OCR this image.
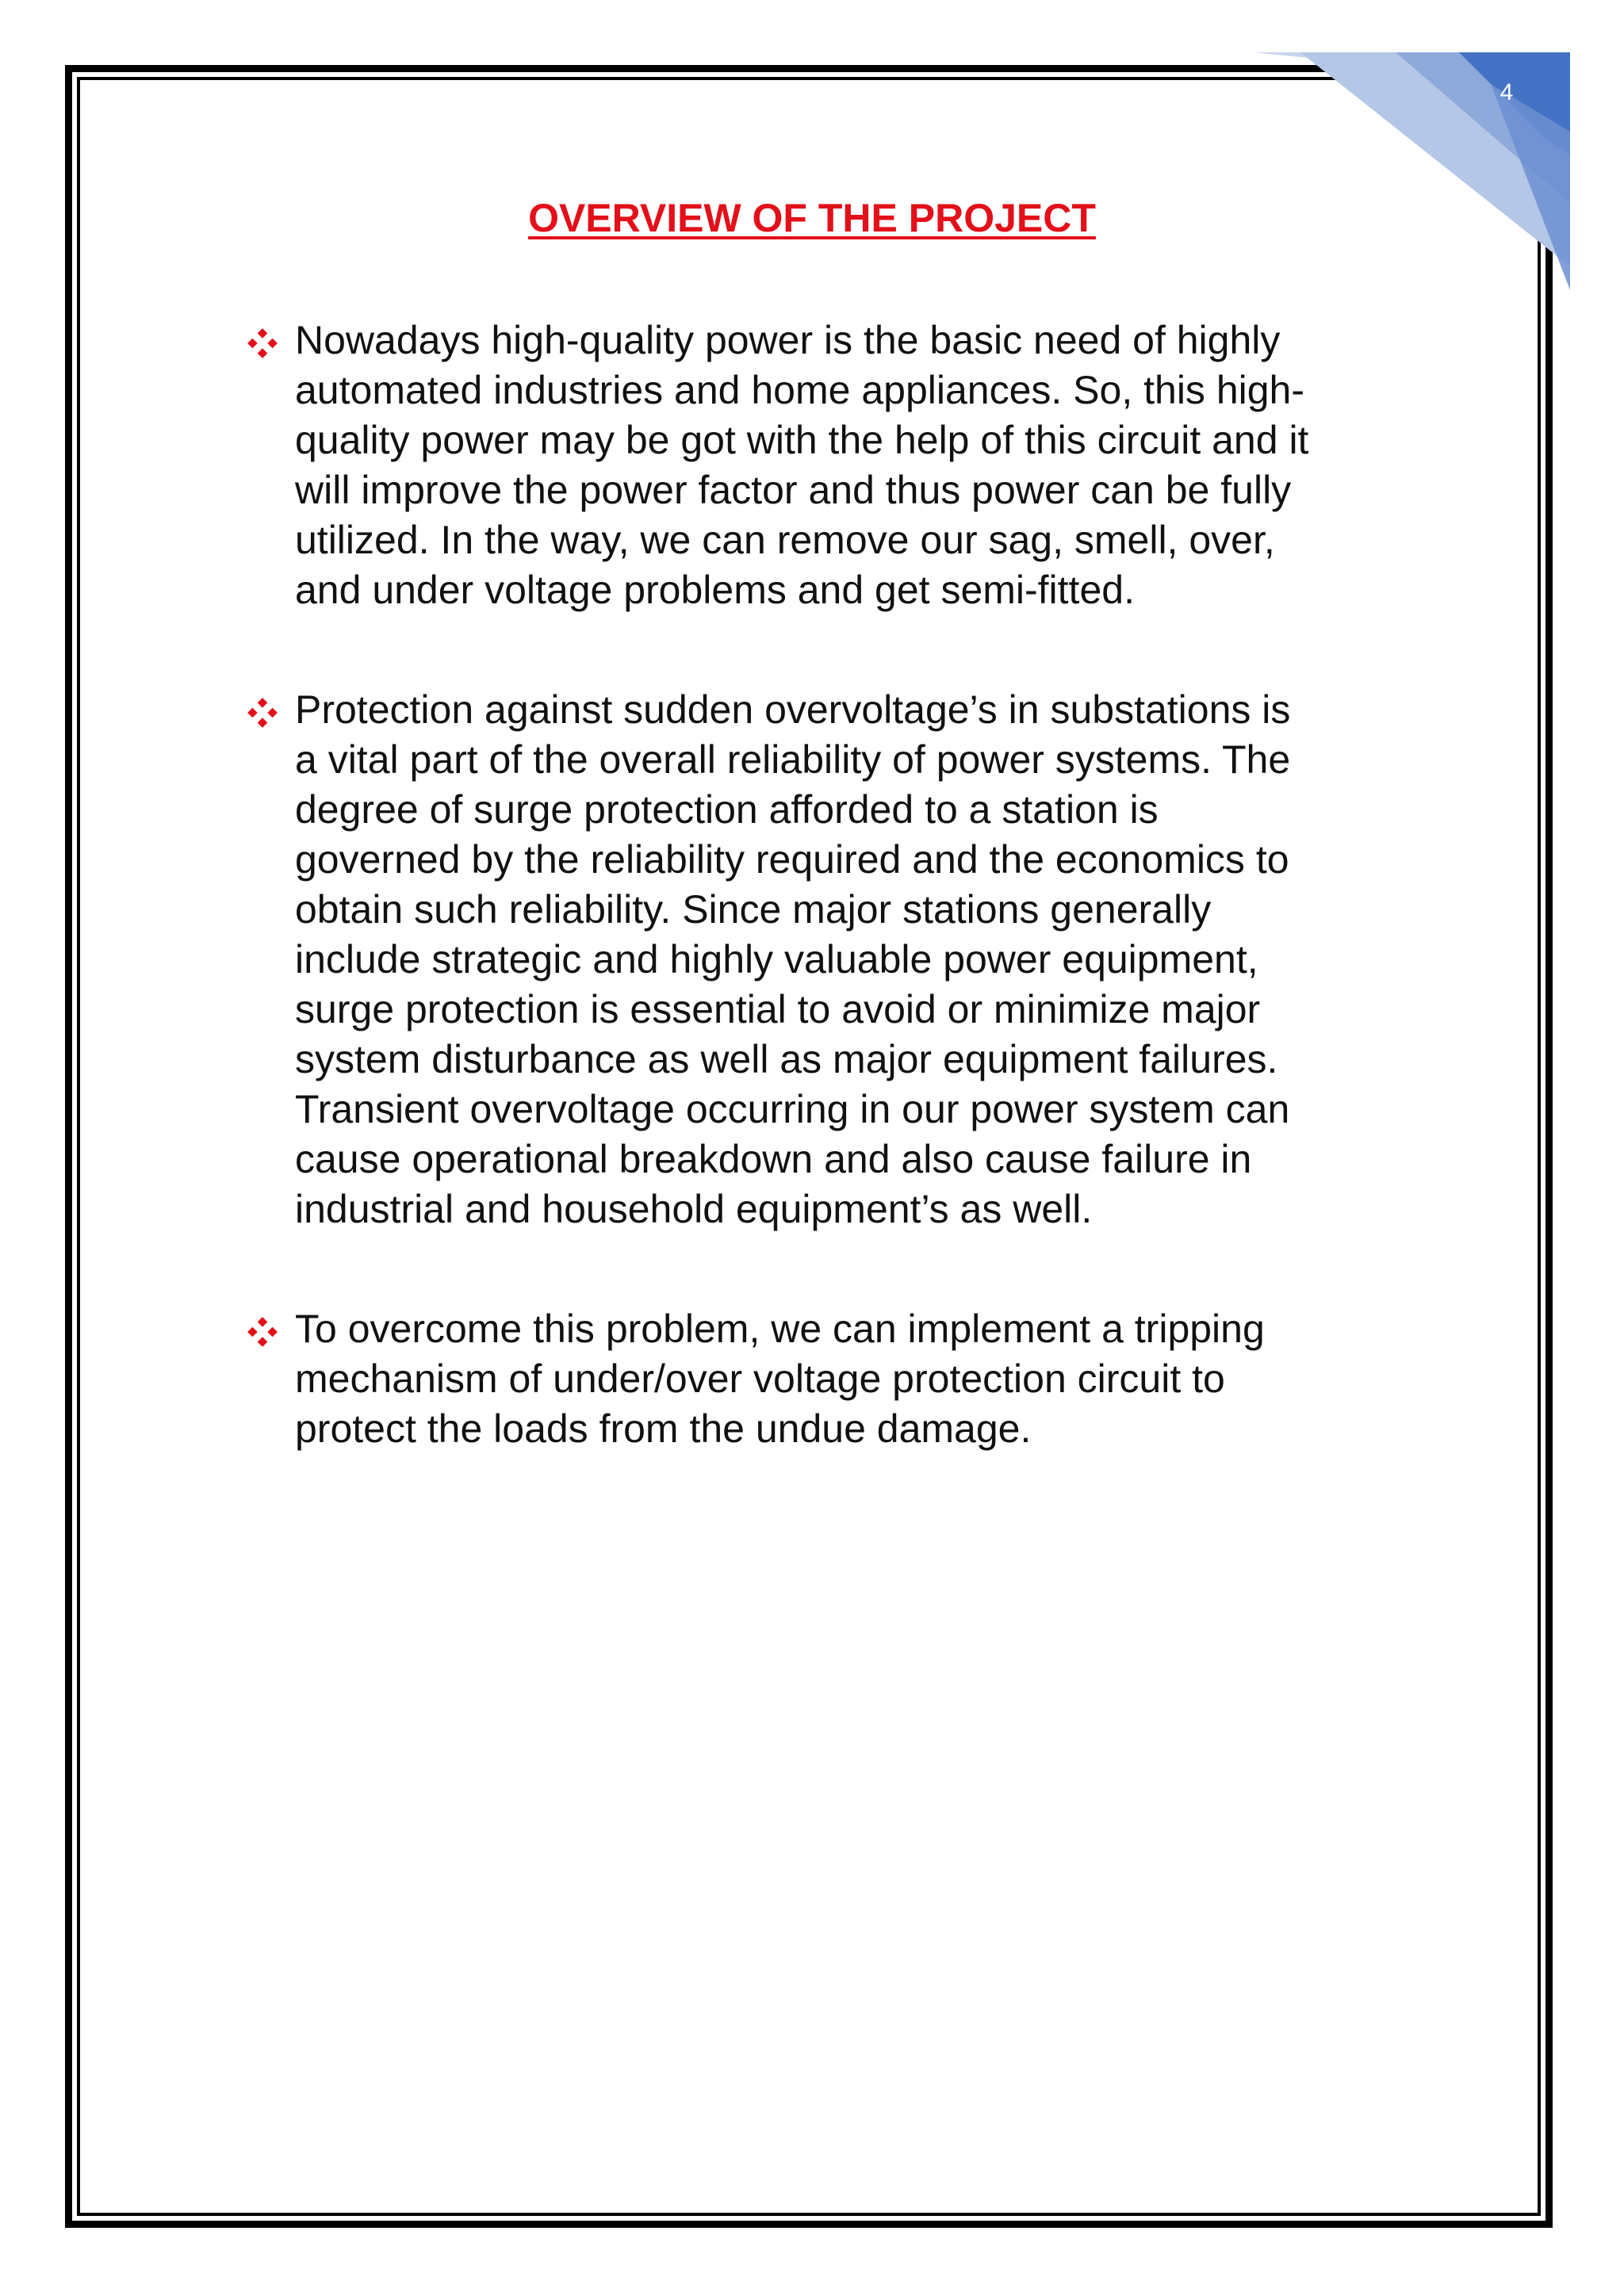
4
OVERVIEW OF THE PROJECT
Nowadays high-quality power is the basic need of highly
automated industries and home appliances. So, this high-
quality power may be got with the help of this circuit and it
will improve the power factor and thus power can be fully
utilized. In the way, we can remove our sag, smell, over,
and under voltage problems and get semi-fitted.
Protection against sudden overvoltage’s in substations is
a vital part of the overall reliability of power systems. The
degree of surge protection afforded to a station is
governed by the reliability required and the economics to
obtain such reliability. Since major stations generally
include strategic and highly valuable power equipment,
surge protection is essential to avoid or minimize major
system disturbance as well as major equipment failures.
Transient overvoltage occurring in our power system can
cause operational breakdown and also cause failure in
industrial and household equipment’s as well.
To overcome this problem, we can implement a tripping
mechanism of under/over voltage protection circuit to
protect the loads from the undue damage.
